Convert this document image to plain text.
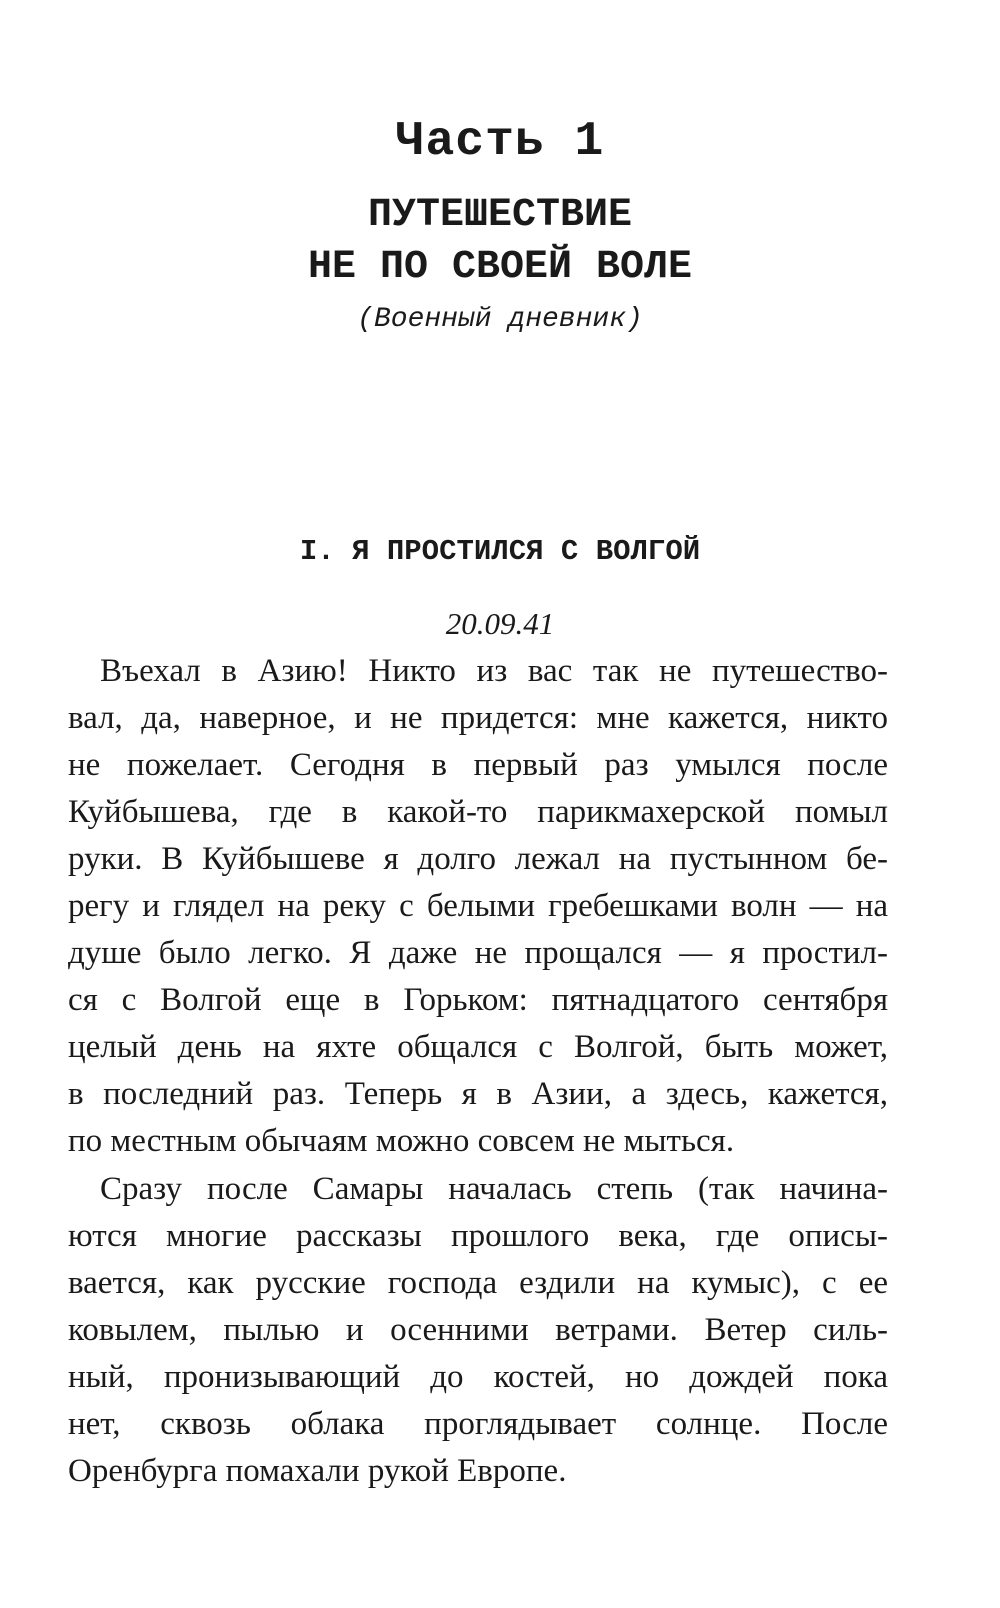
Часть 1
ПУТЕШЕСТВИЕ
НЕ ПО СВОЕЙ ВОЛЕ
(Военный дневник)
I. Я ПРОСТИЛСЯ С ВОЛГОЙ
20.09.41
Въехал в Азию! Никто из вас так не путешество-
вал, да, наверное, и не придется: мне кажется, никто
не пожелает. Сегодня в первый раз умылся после
Куйбышева, где в какой-то парикмахерской помыл
руки. В Куйбышеве я долго лежал на пустынном бе-
регу и глядел на реку с белыми гребешками волн — на
душе было легко. Я даже не прощался — я простил-
ся с Волгой еще в Горьком: пятнадцатого сентября
целый день на яхте общался с Волгой, быть может,
в последний раз. Теперь я в Азии, а здесь, кажется,
по местным обычаям можно совсем не мыться.
Сразу после Самары началась степь (так начина-
ются многие рассказы прошлого века, где описы-
вается, как русские господа ездили на кумыс), с ее
ковылем, пылью и осенними ветрами. Ветер силь-
ный, пронизывающий до костей, но дождей пока
нет, сквозь облака проглядывает солнце. После
Оренбурга помахали рукой Европе.
